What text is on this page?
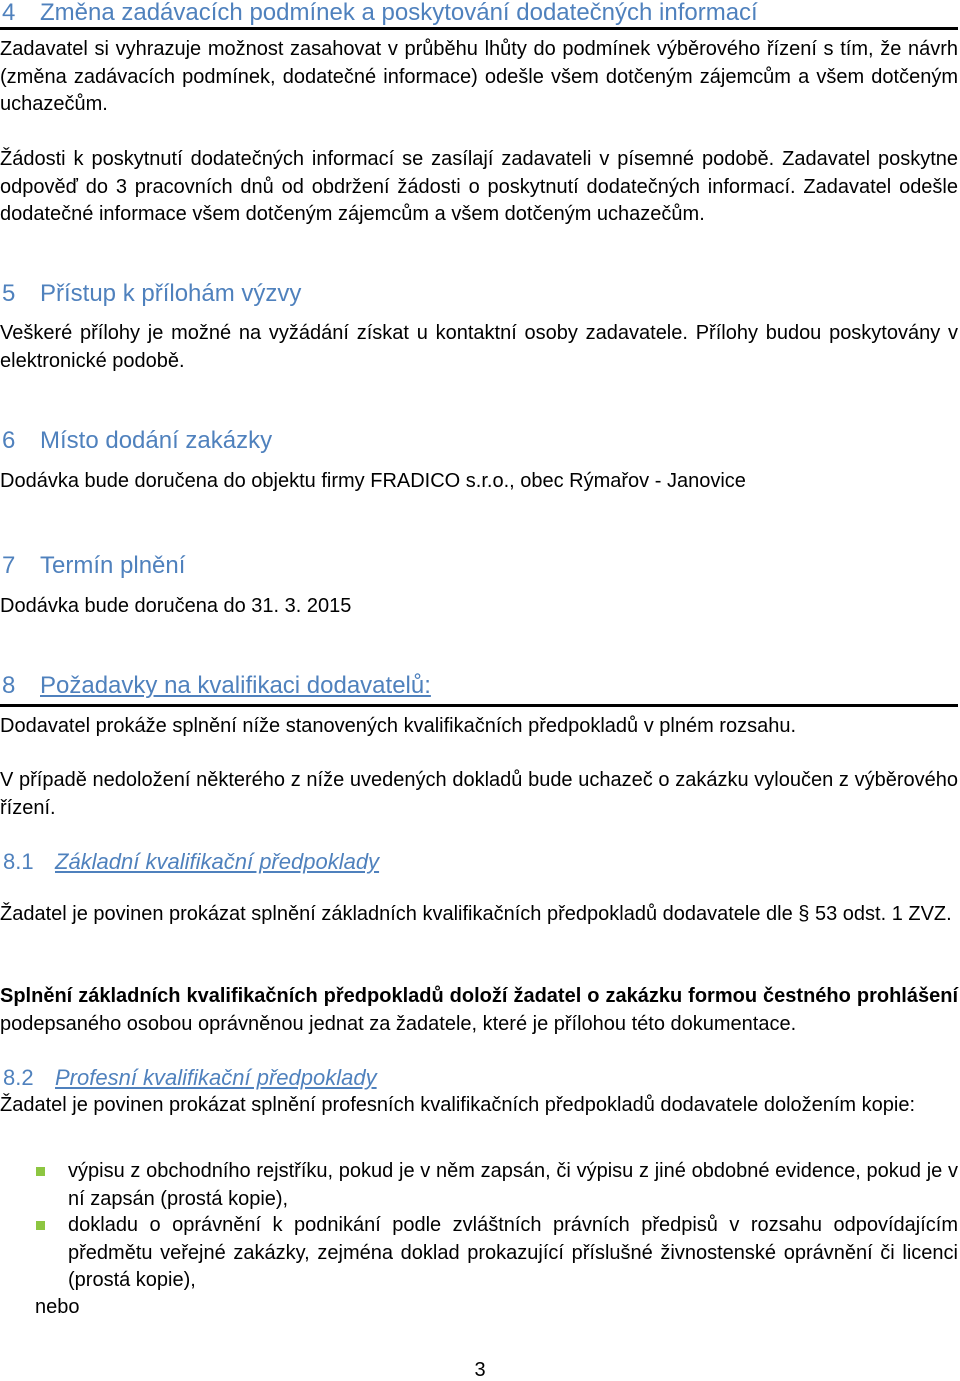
4 Změna zadávacích podmínek a poskytování dodatečných informací
Zadavatel si vyhrazuje možnost zasahovat v průběhu lhůty do podmínek výběrového řízení s tím, že návrh (změna zadávacích podmínek, dodatečné informace) odešle všem dotčeným zájemcům a všem dotčeným uchazečům.
Žádosti k poskytnutí dodatečných informací se zasílají zadavateli v písemné podobě. Zadavatel poskytne odpověď do 3 pracovních dnů od obdržení žádosti o poskytnutí dodatečných informací. Zadavatel odešle dodatečné informace všem dotčeným zájemcům a všem dotčeným uchazečům.
5 Přístup k přílohám výzvy
Veškeré přílohy je možné na vyžádání získat u kontaktní osoby zadavatele. Přílohy budou poskytovány v elektronické podobě.
6 Místo dodání zakázky
Dodávka bude doručena do objektu firmy FRADICO s.r.o., obec Rýmařov - Janovice
7 Termín plnění
Dodávka bude doručena do 31. 3. 2015
8 Požadavky na kvalifikaci dodavatelů:
Dodavatel prokáže splnění níže stanovených kvalifikačních předpokladů v plném rozsahu.
V případě nedoložení některého z níže uvedených dokladů bude uchazeč o zakázku vyloučen z výběrového řízení.
8.1 Základní kvalifikační předpoklady
Žadatel je povinen prokázat splnění základních kvalifikačních předpokladů dodavatele dle § 53 odst. 1 ZVZ.
Splnění základních kvalifikačních předpokladů doloží žadatel o zakázku formou čestného prohlášení podepsaného osobou oprávněnou jednat za žadatele, které je přílohou této dokumentace.
8.2 Profesní kvalifikační předpoklady
Žadatel je povinen prokázat splnění profesních kvalifikačních předpokladů dodavatele doložením kopie:
výpisu z obchodního rejstříku, pokud je v něm zapsán, či výpisu z jiné obdobné evidence, pokud je v ní zapsán (prostá kopie),
dokladu o oprávnění k podnikání podle zvláštních právních předpisů v rozsahu odpovídajícím předmětu veřejné zakázky, zejména doklad prokazující příslušné živnostenské oprávnění či licenci (prostá kopie),
nebo
3
